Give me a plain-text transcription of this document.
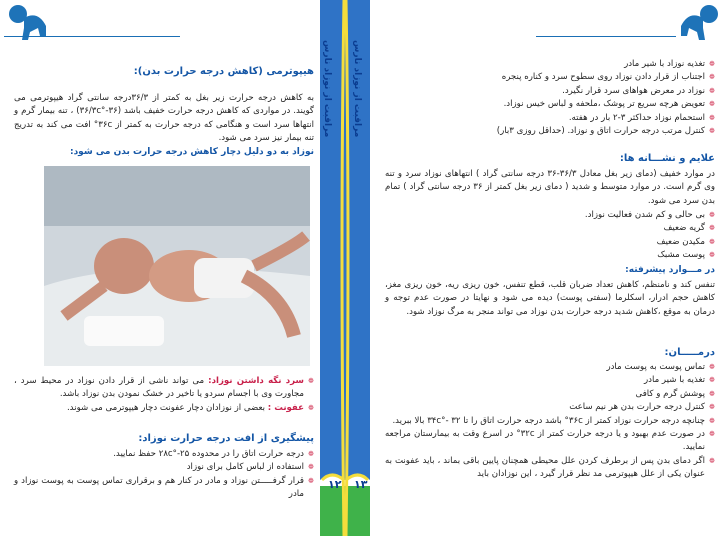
مراقبت از نوزاد نارس مراقبت از نوزاد نارس
۱۲ ۱۳
هیپوترمی (کاهش درجه حرارت بدن):
به کاهش درجه حرارت زیر بغل به کمتر از ۳۶/۳درجه سانتی گراد هیپوترمی می گویند. در مواردی که کاهش درجه حرارت خفیف باشد (۳۶/۳c°-۳۶) ، تنه بیمار گرم و انتهاها سرد است و هنگامی که درجه حرارت به کمتر از ۳۶c° افت می کند به تدریج تنه بیمار نیز سرد می شود.
نوزاد به دو دلیل دچار کاهش درجه حرارت بدن می شود:
❁ سرد نگه داشتن نوزاد: می تواند ناشی از قرار دادن نوزاد در محیط سرد ، مجاورت وی با اجسام سردو یا تاخیر در خشک نمودن بدن نوزاد باشد.
❁ عفونت : بعضی از نوزادان دچار عفونت دچار هیپوترمی می شوند.
پیشگیری از افت درجه حرارت نوزاد:
❁ درجه حرارت اتاق را در محدوده ۲۸c°-۲۵ حفظ نمایید.
❁ استفاده از لباس کامل برای نوزاد
❁ قرار گرفـــــتن نوزاد و مادر در کنار هم و برقراری تماس پوست به پوست نوزاد و مادر
❁ تغذیه نوزاد با شیر مادر
❁ اجتناب از قرار دادن نوزاد روی سطوح سرد و کناره پنجره
❁ نوزاد در معرض هواهای سرد قرار نگیرد.
❁ تعویض هرچه سریع تر پوشک ،ملحفه و لباس خیس نوزاد.
❁ استحمام نوزاد حداکثر ۳-۲ بار در هفته.
❁ کنترل مرتب درجه حرارت اتاق و نوزاد. (حداقل روزی ۳بار)
علایم و نشـــانه ها:
در موارد خفیف (دمای زیر بغل معادل ۳۶/۳-۳۶ درجه سانتی گراد ) انتهاهای نوزاد سرد و تنه وی گرم است. در موارد متوسط و شدید ( دمای زیر بغل کمتر از ۳۶ درجه سانتی گراد ) تمام بدن سرد می شود.
❁ بی حالی و کم شدن فعالیت نوزاد.
❁ گریه ضعیف
❁ مکیدن ضعیف
❁ پوست مشبک
در مـــوارد پیشرفته:
تنفس کند و نامنظم، کاهش تعداد ضربان قلب، قطع تنفس، خون ریزی ریه، خون ریزی مغز، کاهش حجم ادرار، اسکلرما (سفتی پوست) دیده می شود و نهایتا در صورت عدم توجه و درمان به موقع ،کاهش شدید درجه حرارت بدن نوزاد می تواند منجر به مرگ نوزاد شود.
درمـــــان:
❁ تماس پوست به پوست مادر
❁ تغذیه با شیر مادر
❁ پوشش گرم و کافی
❁ کنترل درجه حرارت بدن هر نیم ساعت
❁ چنانچه درجه حرارت نوزاد کمتر از ۳۶c° باشد درجه حرارت اتاق را تا ۳۴c°- ۳۲ بالا ببرید.
❁ در صورت عدم بهبود و یا درجه حرارت کمتر از ۳۲c° در اسرع وقت به بیمارستان مراجعه نمایید.
❁ اگر دمای بدن پس از برطرف کردن علل محیطی همچنان پایین باقی بماند ، باید عفونت به عنوان یکی از علل هیپوترمی مد نظر قرار گیرد ، این نوزادان باید
